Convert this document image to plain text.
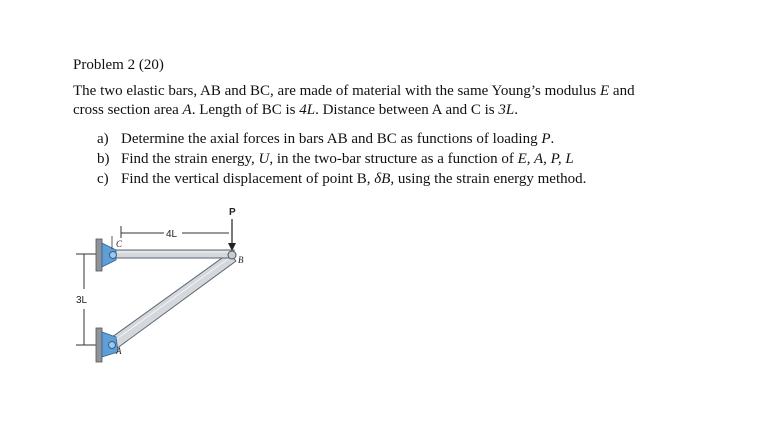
Problem 2 (20)
The two elastic bars, AB and BC, are made of material with the same Young’s modulus E and
cross section area A. Length of BC is 4L. Distance between A and C is 3L.
a) Determine the axial forces in bars AB and BC as functions of loading P.
b) Find the strain energy, U, in the two-bar structure as a function of E, A, P, L
c) Find the vertical displacement of point B, δB, using the strain energy method.
3L
4L
P
B
C
A
